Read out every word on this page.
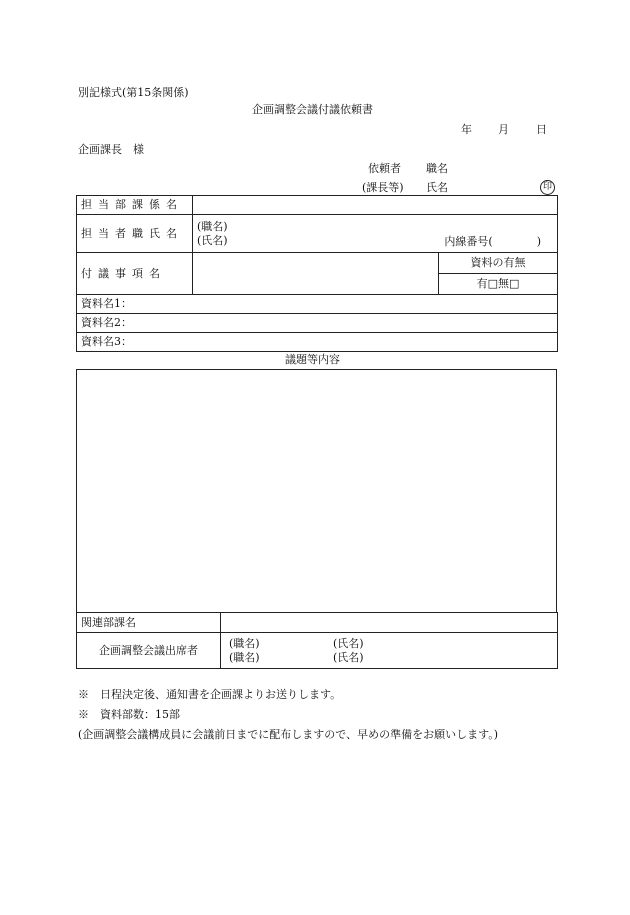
別記様式(第15条関係)
企画調整会議付議依頼書
年 月 日
企画課長　様
依頼者 職名
(課長等) 氏名	印
担当部課係名		
担当者職氏名	(職名)
(氏名) 内線番号(　　　　)	

付議事項名		資料の有無
		有□無□
資料名1：		
資料名2：		
資料名3：		
議題等内容
関連部課名	
企画調整会議出席者	(職名) (氏名)
(職名) (氏名)
※　日程決定後、通知書を企画課よりお送りします。
※　資料部数：15部
(企画調整会議構成員に会議前日までに配布しますので、早めの準備をお願いします。)
